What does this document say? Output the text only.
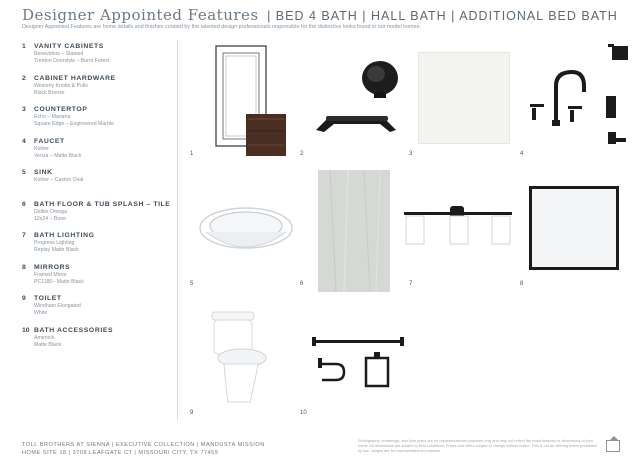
Designer Appointed Features | BED 4 BATH | HALL BATH | ADDITIONAL BED BATH
Designer Appointed Features are home details and finishes curated by the talented design professionals responsible for the distinctive looks found in our model homes.
1	VANITY CABINETS
Benevidors – Stained
Trenton Doorstyle – Burnt Forest
2	CABINET HARDWARE
Westerly Knobs & Pulls
Black Bronze
3	COUNTERTOP
Echo – Mariana
Square Edge – Engineered Marble
4	FAUCET
Kohler
Venza – Matte Black
5	SINK
Kohler – Caxton Oval
6	BATH FLOOR & TUB SPLASH – TILE
Daltile Omega
12x24 – Bone
7	BATH LIGHTING
Progress Lighting
Replay Matte Black
8	MIRRORS
Framed Mirror
PC1180– Matte Black
9	TOILET
Windham Elongated
White
10 BATH ACCESSORIES
Amerock
Matte Black
1	2	3	4
5	6	7	8
9	10
TOLL BROTHERS AT SIENNA | EXECUTIVE COLLECTION | MANDUSTA MISSION
HOME SITE 18 | 3708 LEAFGATE CT | MISSOURI CITY, TX 77459
Photography, renderings, and floor plans are for representational purposes only and may not reflect the exact features or dimensions of your home. All dimensions are subject to field conditions. Prices and offers subject to change without notice. This is not an offering where prohibited by law. Images are for representational purposes.
